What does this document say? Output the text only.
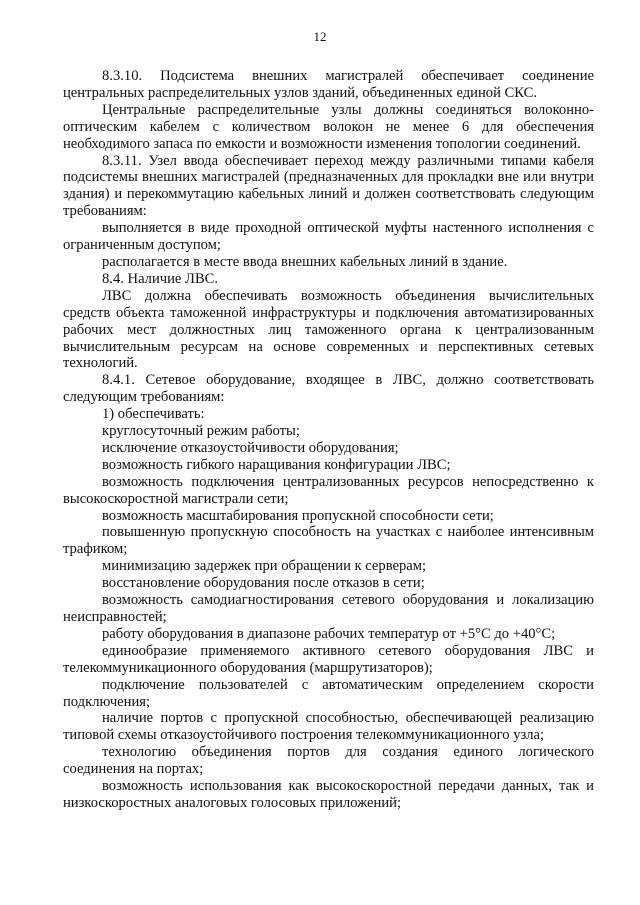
12

8.3.10. Подсистема внешних магистралей обеспечивает соединение центральных распределительных узлов зданий, объединенных единой СКС.

Центральные распределительные узлы должны соединяться волоконно-оптическим кабелем с количеством волокон не менее 6 для обеспечения необходимого запаса по емкости и возможности изменения топологии соединений.

8.3.11. Узел ввода обеспечивает переход между различными типами кабеля подсистемы внешних магистралей (предназначенных для прокладки вне или внутри здания) и перекоммутацию кабельных линий и должен соответствовать следующим требованиям:

выполняется в виде проходной оптической муфты настенного исполнения с ограниченным доступом;

располагается в месте ввода внешних кабельных линий в здание.

8.4. Наличие ЛВС.

ЛВС должна обеспечивать возможность объединения вычислительных средств объекта таможенной инфраструктуры и подключения автоматизированных рабочих мест должностных лиц таможенного органа к централизованным вычислительным ресурсам на основе современных и перспективных сетевых технологий.

8.4.1. Сетевое оборудование, входящее в ЛВС, должно соответствовать следующим требованиям:

1) обеспечивать:

круглосуточный режим работы;

исключение отказоустойчивости оборудования;

возможность гибкого наращивания конфигурации ЛВС;

возможность подключения централизованных ресурсов непосредственно к высокоскоростной магистрали сети;

возможность масштабирования пропускной способности сети;

повышенную пропускную способность на участках с наиболее интенсивным трафиком;

минимизацию задержек при обращении к серверам;

восстановление оборудования после отказов в сети;

возможность самодиагностирования сетевого оборудования и локализацию неисправностей;

работу оборудования в диапазоне рабочих температур от +5°С до +40°С;

единообразие применяемого активного сетевого оборудования ЛВС и телекоммуникационного оборудования (маршрутизаторов);

подключение пользователей с автоматическим определением скорости подключения;

наличие портов с пропускной способностью, обеспечивающей реализацию типовой схемы отказоустойчивого построения телекоммуникационного узла;

технологию объединения портов для создания единого логического соединения на портах;

возможность использования как высокоскоростной передачи данных, так и низкоскоростных аналоговых голосовых приложений;
